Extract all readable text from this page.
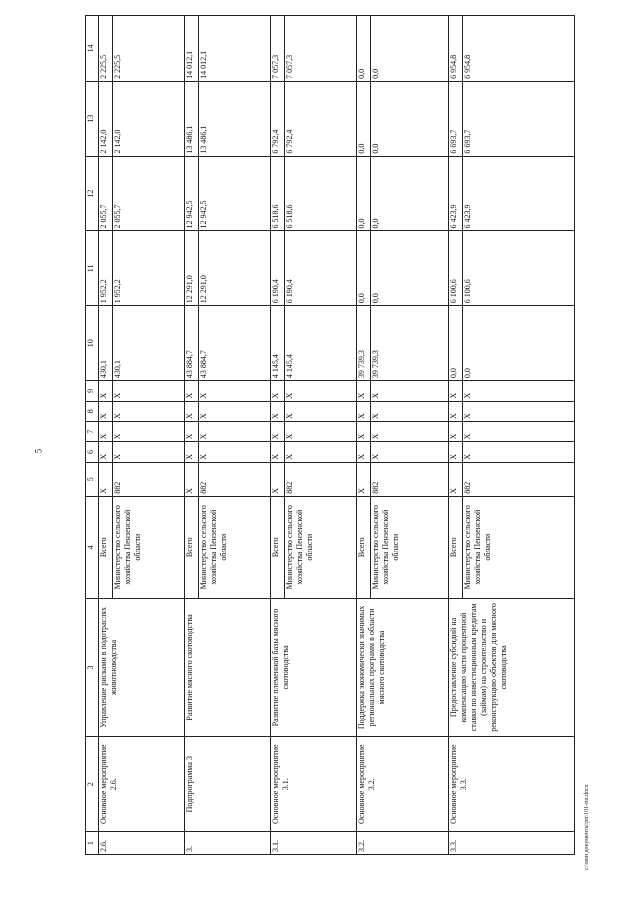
5
c:\мои документы\рп\101-пп.docx
1	2	3	4	5	6	7	8	9	10	11	12	13	14
2.6.	Основное мероприятие 2.6.	Управление рисками в подотраслях животноводства	Всего	X	X	X	X	X	430,1	1 952,2	2 055,7	2 142,0	2 225,5
			Министерство сельского хозяйства Пензенской области	882	X	X	X	X	430,1	1 952,2	2 055,7	2 142,0	2 225,5
3.	Подпрограмма 3	Развитие мясного скотоводства	Всего	X	X	X	X	X	43 884,7	12 291,0	12 942,5	13 486,1	14 012,1
			Министерство сельского хозяйства Пензенской области	882	X	X	X	X	43 884,7	12 291,0	12 942,5	13 486,1	14 012,1
3.1.	Основное мероприятие 3.1.	Развитие племенной базы мясного скотоводства	Всего	X	X	X	X	X	4 145,4	6 190,4	6 518,6	6 792,4	7 057,3
			Министерство сельского хозяйства Пензенской области	882	X	X	X	X	4 145,4	6 190,4	6 518,6	6 792,4	7 057,3
3.2.	Основное мероприятие 3.2.	Поддержка экономически значимых региональных программ в области мясного скотоводства	Всего	X	X	X	X	X	39 739,3	0,0	0,0	0,0	0,0
			Министерство сельского хозяйства Пензенской области	882	X	X	X	X	39 739,3	0,0	0,0	0,0	0,0
3.3.	Основное мероприятие 3.3.	Предоставление субсидий на компенсацию части процентной ставки по инвестиционным кредитам (займам) на строительство и реконструкцию объектов для мясного скотоводства	Всего	X	X	X	X	X	0,0	6 100,6	6 423,9	6 693,7	6 954,8
			Министерство сельского хозяйства Пензенской области	882	X	X	X	X	0,0	6 100,6	6 423,9	6 693,7	6 954,8
